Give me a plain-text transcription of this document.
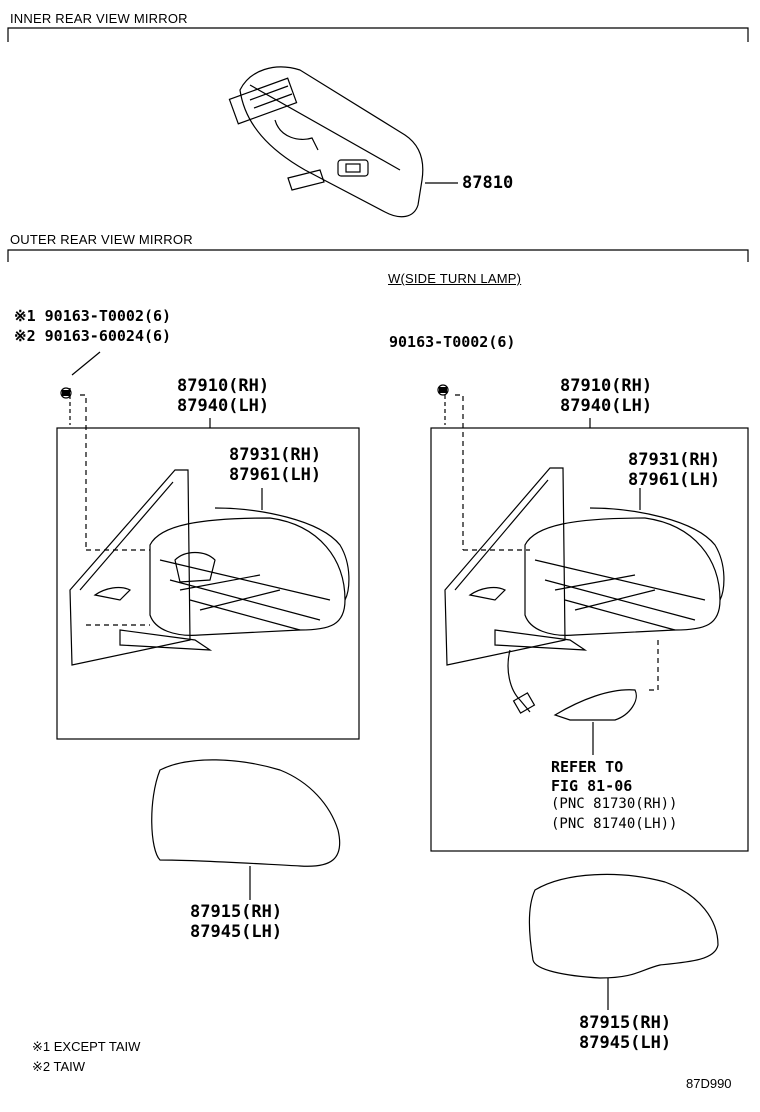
INNER REAR VIEW MIRROR
OUTER REAR VIEW MIRROR
W(SIDE TURN LAMP)
87810
※1 90163-T0002(6)
※2 90163-60024(6)
87910(RH)
87940(LH)
87931(RH)
87961(LH)
87915(RH)
87945(LH)
90163-T0002(6)
87910(RH)
87940(LH)
87931(RH)
87961(LH)
REFER TO
FIG 81-06
(PNC 81730(RH))
(PNC 81740(LH))
87915(RH)
87945(LH)
※1 EXCEPT TAIW
※2 TAIW
87D990
